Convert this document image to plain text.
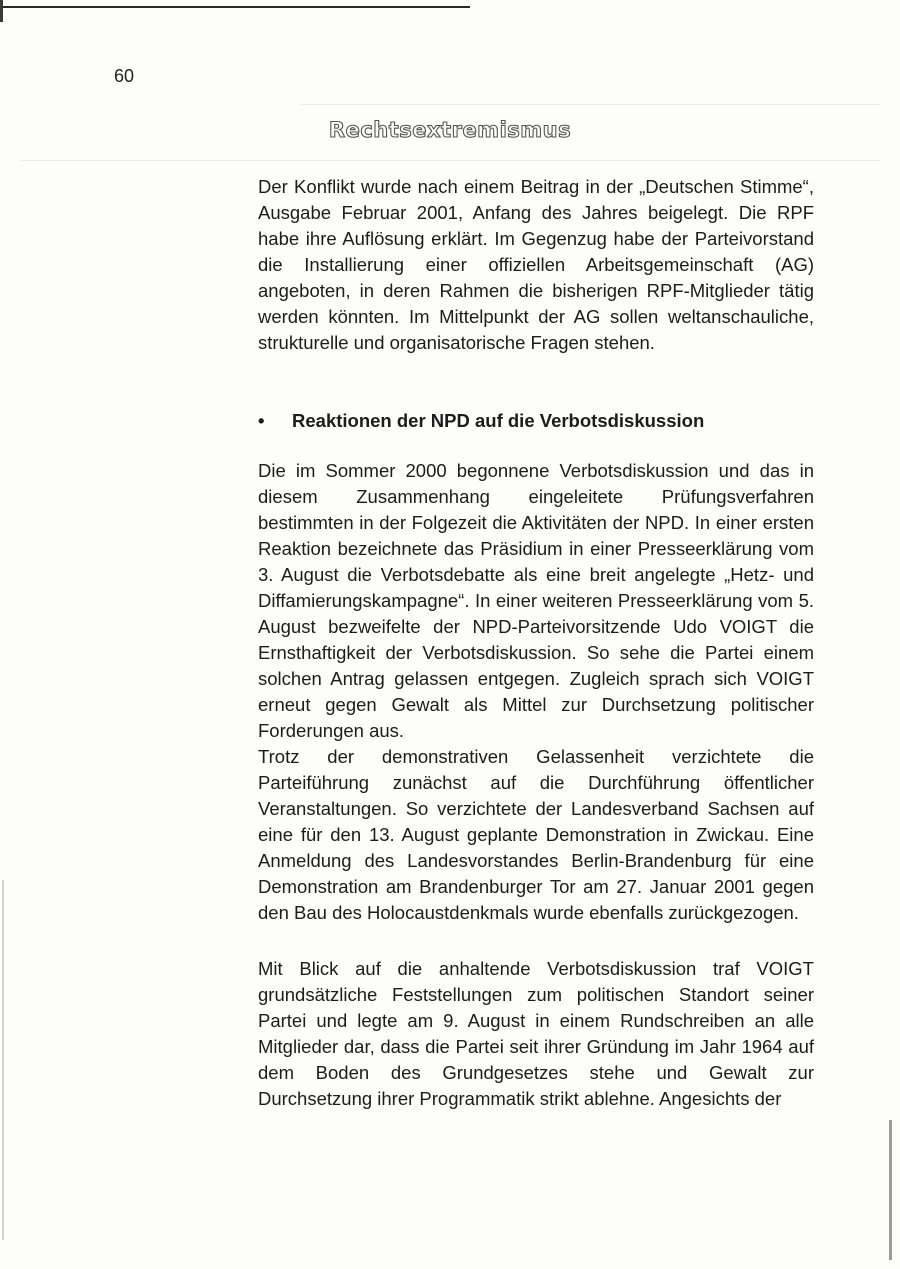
60
Rechtsextremismus

Der Konflikt wurde nach einem Beitrag in der „Deutschen Stimme“, Ausgabe Februar 2001, Anfang des Jahres beigelegt. Die RPF habe ihre Auflösung erklärt. Im Gegenzug habe der Parteivorstand die Installierung einer offiziellen Arbeitsgemeinschaft (AG) angeboten, in deren Rahmen die bisherigen RPF-Mitglieder tätig werden könnten. Im Mittelpunkt der AG sollen weltanschauliche, strukturelle und organisatorische Fragen stehen.

•	Reaktionen der NPD auf die Verbotsdiskussion

Die im Sommer 2000 begonnene Verbotsdiskussion und das in diesem Zusammenhang eingeleitete Prüfungsverfahren bestimmten in der Folgezeit die Aktivitäten der NPD. In einer ersten Reaktion bezeichnete das Präsidium in einer Presseerklärung vom 3. August die Verbotsdebatte als eine breit angelegte „Hetz- und Diffamierungskampagne“. In einer weiteren Presseerklärung vom 5. August bezweifelte der NPD-Parteivorsitzende Udo VOIGT die Ernsthaftigkeit der Verbotsdiskussion. So sehe die Partei einem solchen Antrag gelassen entgegen. Zugleich sprach sich VOIGT erneut gegen Gewalt als Mittel zur Durchsetzung politischer Forderungen aus.

Trotz der demonstrativen Gelassenheit verzichtete die Parteiführung zunächst auf die Durchführung öffentlicher Veranstaltungen. So verzichtete der Landesverband Sachsen auf eine für den 13. August geplante Demonstration in Zwickau. Eine Anmeldung des Landesvorstandes Berlin-Brandenburg für eine Demonstration am Brandenburger Tor am 27. Januar 2001 gegen den Bau des Holocaustdenkmals wurde ebenfalls zurückgezogen.

Mit Blick auf die anhaltende Verbotsdiskussion traf VOIGT grundsätzliche Feststellungen zum politischen Standort seiner Partei und legte am 9. August in einem Rundschreiben an alle Mitglieder dar, dass die Partei seit ihrer Gründung im Jahr 1964 auf dem Boden des Grundgesetzes stehe und Gewalt zur Durchsetzung ihrer Programmatik strikt ablehne. Angesichts der
